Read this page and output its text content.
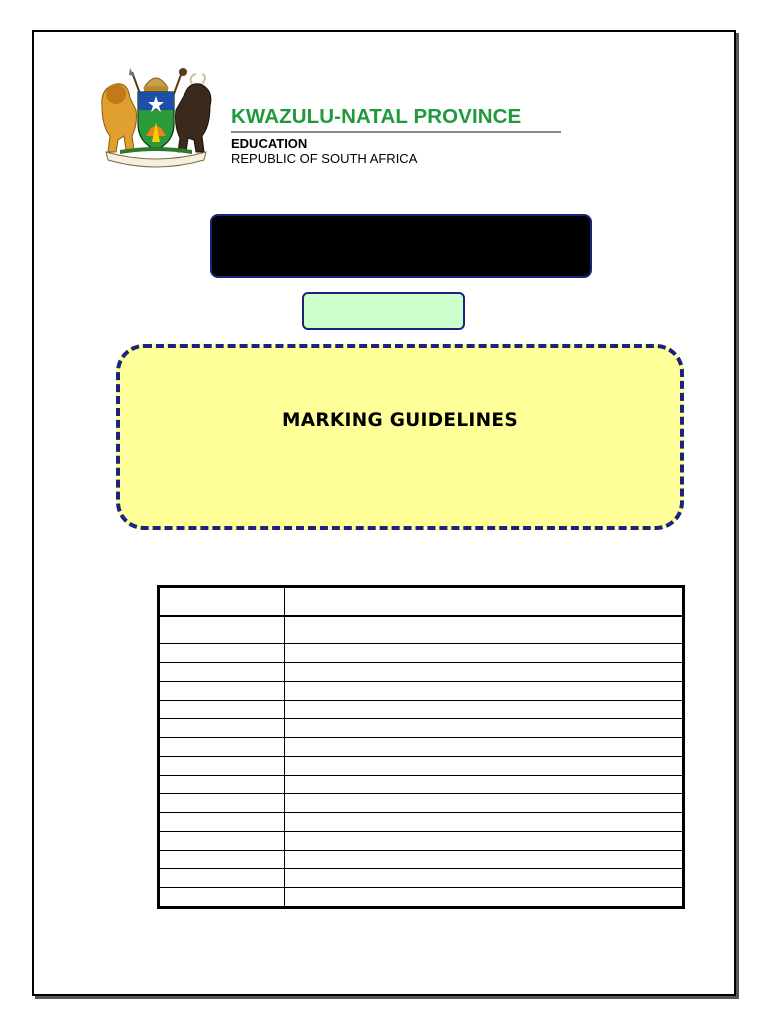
KWAZULU-NATAL PROVINCE
EDUCATION
REPUBLIC OF SOUTH AFRICA
MARKING GUIDELINES
